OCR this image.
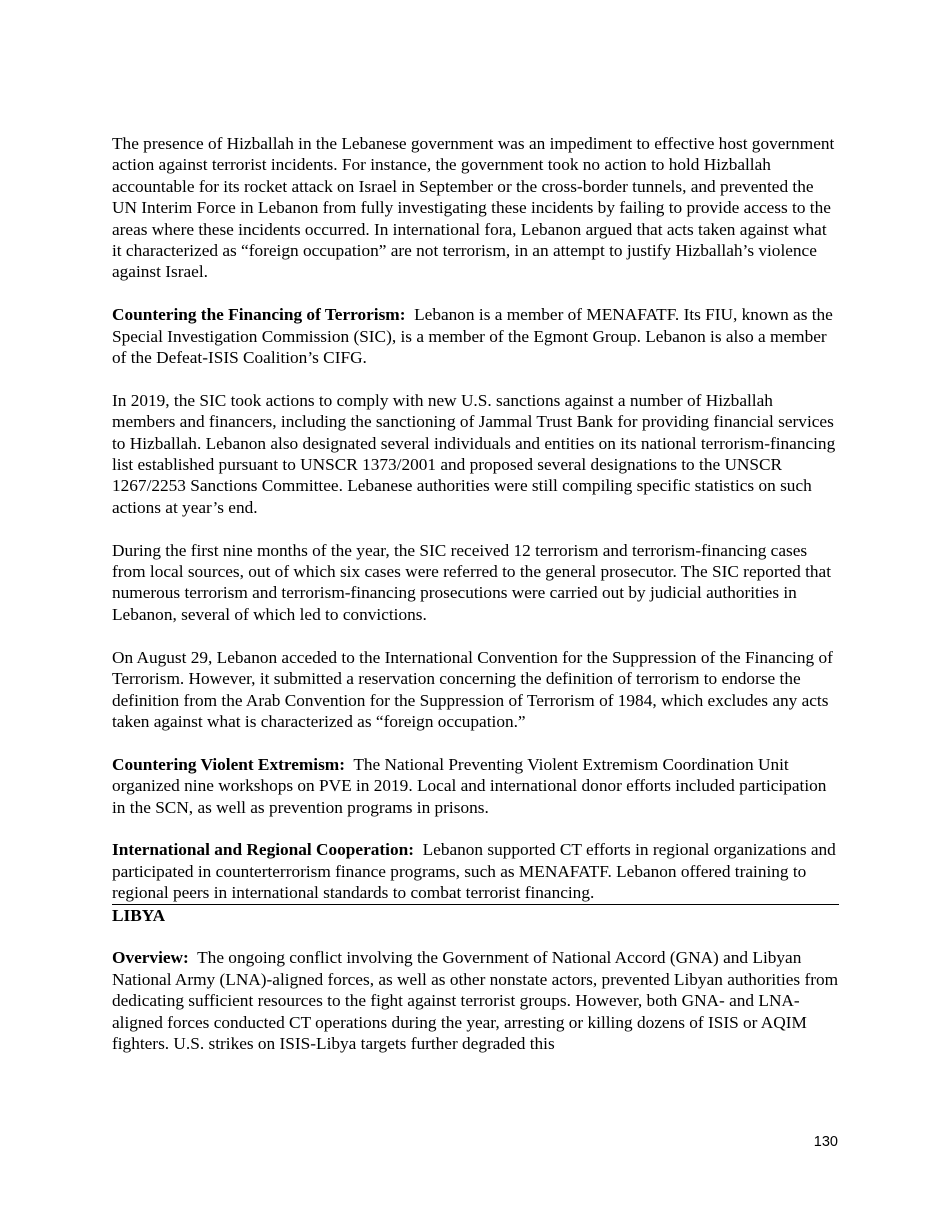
The presence of Hizballah in the Lebanese government was an impediment to effective host government action against terrorist incidents. For instance, the government took no action to hold Hizballah accountable for its rocket attack on Israel in September or the cross-border tunnels, and prevented the UN Interim Force in Lebanon from fully investigating these incidents by failing to provide access to the areas where these incidents occurred. In international fora, Lebanon argued that acts taken against what it characterized as “foreign occupation” are not terrorism, in an attempt to justify Hizballah’s violence against Israel.

Countering the Financing of Terrorism: Lebanon is a member of MENAFATF. Its FIU, known as the Special Investigation Commission (SIC), is a member of the Egmont Group. Lebanon is also a member of the Defeat-ISIS Coalition’s CIFG.

In 2019, the SIC took actions to comply with new U.S. sanctions against a number of Hizballah members and financers, including the sanctioning of Jammal Trust Bank for providing financial services to Hizballah. Lebanon also designated several individuals and entities on its national terrorism-financing list established pursuant to UNSCR 1373/2001 and proposed several designations to the UNSCR 1267/2253 Sanctions Committee. Lebanese authorities were still compiling specific statistics on such actions at year’s end.

During the first nine months of the year, the SIC received 12 terrorism and terrorism-financing cases from local sources, out of which six cases were referred to the general prosecutor. The SIC reported that numerous terrorism and terrorism-financing prosecutions were carried out by judicial authorities in Lebanon, several of which led to convictions.

On August 29, Lebanon acceded to the International Convention for the Suppression of the Financing of Terrorism. However, it submitted a reservation concerning the definition of terrorism to endorse the definition from the Arab Convention for the Suppression of Terrorism of 1984, which excludes any acts taken against what is characterized as “foreign occupation.”

Countering Violent Extremism: The National Preventing Violent Extremism Coordination Unit organized nine workshops on PVE in 2019. Local and international donor efforts included participation in the SCN, as well as prevention programs in prisons.

International and Regional Cooperation: Lebanon supported CT efforts in regional organizations and participated in counterterrorism finance programs, such as MENAFATF. Lebanon offered training to regional peers in international standards to combat terrorist financing.

LIBYA

Overview: The ongoing conflict involving the Government of National Accord (GNA) and Libyan National Army (LNA)-aligned forces, as well as other nonstate actors, prevented Libyan authorities from dedicating sufficient resources to the fight against terrorist groups. However, both GNA- and LNA-aligned forces conducted CT operations during the year, arresting or killing dozens of ISIS or AQIM fighters. U.S. strikes on ISIS-Libya targets further degraded this

130
